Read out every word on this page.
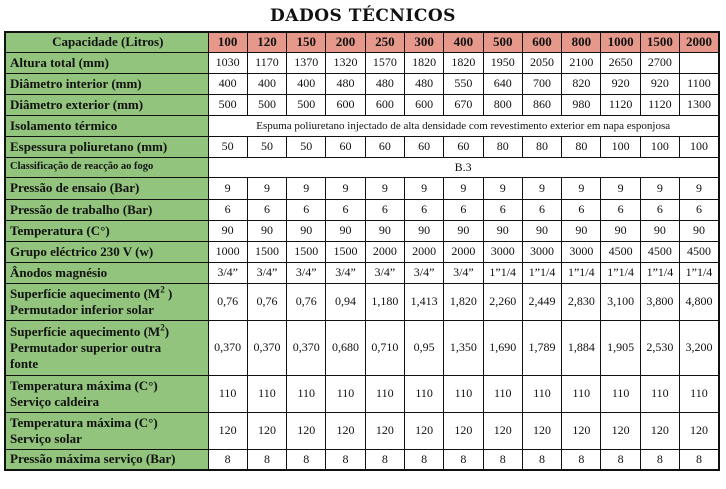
DADOS TÉCNICOS
Capacidade (Litros)	100	120	150	200	250	300	400	500	600	800	1000	1500	2000
Altura total (mm)	1030	1170	1370	1320	1570	1820	1820	1950	2050	2100	2650	2700	
Diâmetro interior (mm)	400	400	400	480	480	480	550	640	700	820	920	920	1100
Diâmetro exterior (mm)	500	500	500	600	600	600	670	800	860	980	1120	1120	1300
Isolamento térmico	Espuma poliuretano injectado de alta densidade com revestimento exterior em napa esponjosa												
Espessura poliuretano (mm)	50	50	50	60	60	60	60	80	80	80	100	100	100
Classificação de reacção ao fogo	B.3												
Pressão de ensaio (Bar)	9	9	9	9	9	9	9	9	9	9	9	9	9
Pressão de trabalho (Bar)	6	6	6	6	6	6	6	6	6	6	6	6	6
Temperatura (C°)	90	90	90	90	90	90	90	90	90	90	90	90	90
Grupo eléctrico 230 V (w)	1000	1500	1500	1500	2000	2000	2000	3000	3000	3000	4500	4500	4500
Ânodos magnésio	3/4”	3/4”	3/4”	3/4”	3/4”	3/4”	3/4”	1”1/4	1”1/4	1”1/4	1”1/4	1”1/4	1”1/4
Superfície aquecimento ($M^2$ )
Permutador inferior solar	0,76	0,76	0,76	0,94	1,180	1,413	1,820	2,260	2,449	2,830	3,100	3,800	4,800
Superfície aquecimento $(M^2)$
Permutador superior outra
fonte	0,370	0,370	0,370	0,680	0,710	0,95	1,350	1,690	1,789	1,884	1,905	2,530	3,200
Temperatura máxima (C°)
Serviço caldeira	110	110	110	110	110	110	110	110	110	110	110	110	110
Temperatura máxima (C°)
Serviço solar	120	120	120	120	120	120	120	120	120	120	120	120	120
Pressão máxima serviço (Bar)	8	8	8	8	8	8	8	8	8	8	8	8	8
